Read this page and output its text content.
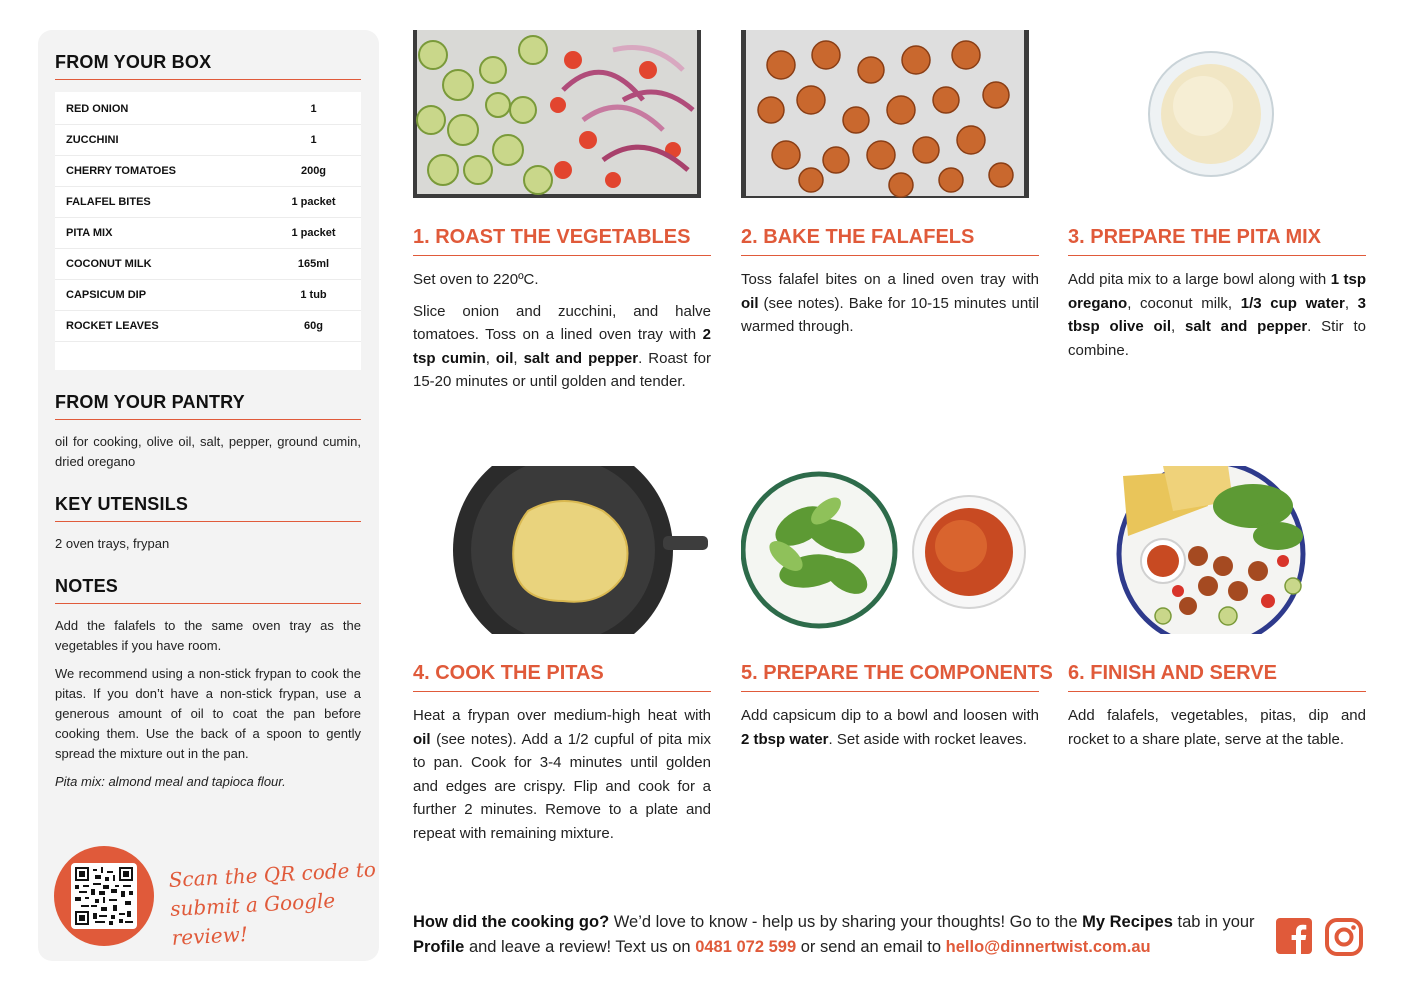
FROM YOUR BOX
RED ONION	1
ZUCCHINI	1
CHERRY TOMATOES	200g
FALAFEL BITES	1 packet
PITA MIX	1 packet
COCONUT MILK	165ml
CAPSICUM DIP	1 tub
ROCKET LEAVES	60g
FROM YOUR PANTRY
oil for cooking, olive oil, salt, pepper, ground cumin, dried oregano
KEY UTENSILS
2 oven trays, frypan
NOTES
Add the falafels to the same oven tray as the vegetables if you have room.
We recommend using a non-stick frypan to cook the pitas. If you don’t have a non-stick frypan, use a generous amount of oil to coat the pan before cooking them. Use the back of a spoon to gently spread the mixture out in the pan.
Pita mix: almond meal and tapioca flour.
Scan the QR code to
submit a Google review!
1. ROAST THE VEGETABLES

Set oven to 220ºC.

Slice onion and zucchini, and halve tomatoes. Toss on a lined oven tray with 2 tsp cumin, oil, salt and pepper. Roast for 15-20 minutes or until golden and tender.

2. BAKE THE FALAFELS

Toss falafel bites on a lined oven tray with oil (see notes). Bake for 10-15 minutes until warmed through.

3. PREPARE THE PITA MIX

Add pita mix to a large bowl along with 1 tsp oregano, coconut milk, 1/3 cup water, 3 tbsp olive oil, salt and pepper. Stir to combine.

4. COOK THE PITAS

Heat a frypan over medium-high heat with oil (see notes). Add a 1/2 cupful of pita mix to pan. Cook for 3-4 minutes until golden and edges are crispy. Flip and cook for a further 2 minutes. Remove to a plate and repeat with remaining mixture.

5. PREPARE THE COMPONENTS

Add capsicum dip to a bowl and loosen with 2 tbsp water. Set aside with rocket leaves.

6. FINISH AND SERVE

Add falafels, vegetables, pitas, dip and rocket to a share plate, serve at the table.

How did the cooking go? We’d love to know - help us by sharing your thoughts! Go to the My Recipes tab in your Profile and leave a review! Text us on 0481 072 599 or send an email to hello@dinnertwist.com.au
